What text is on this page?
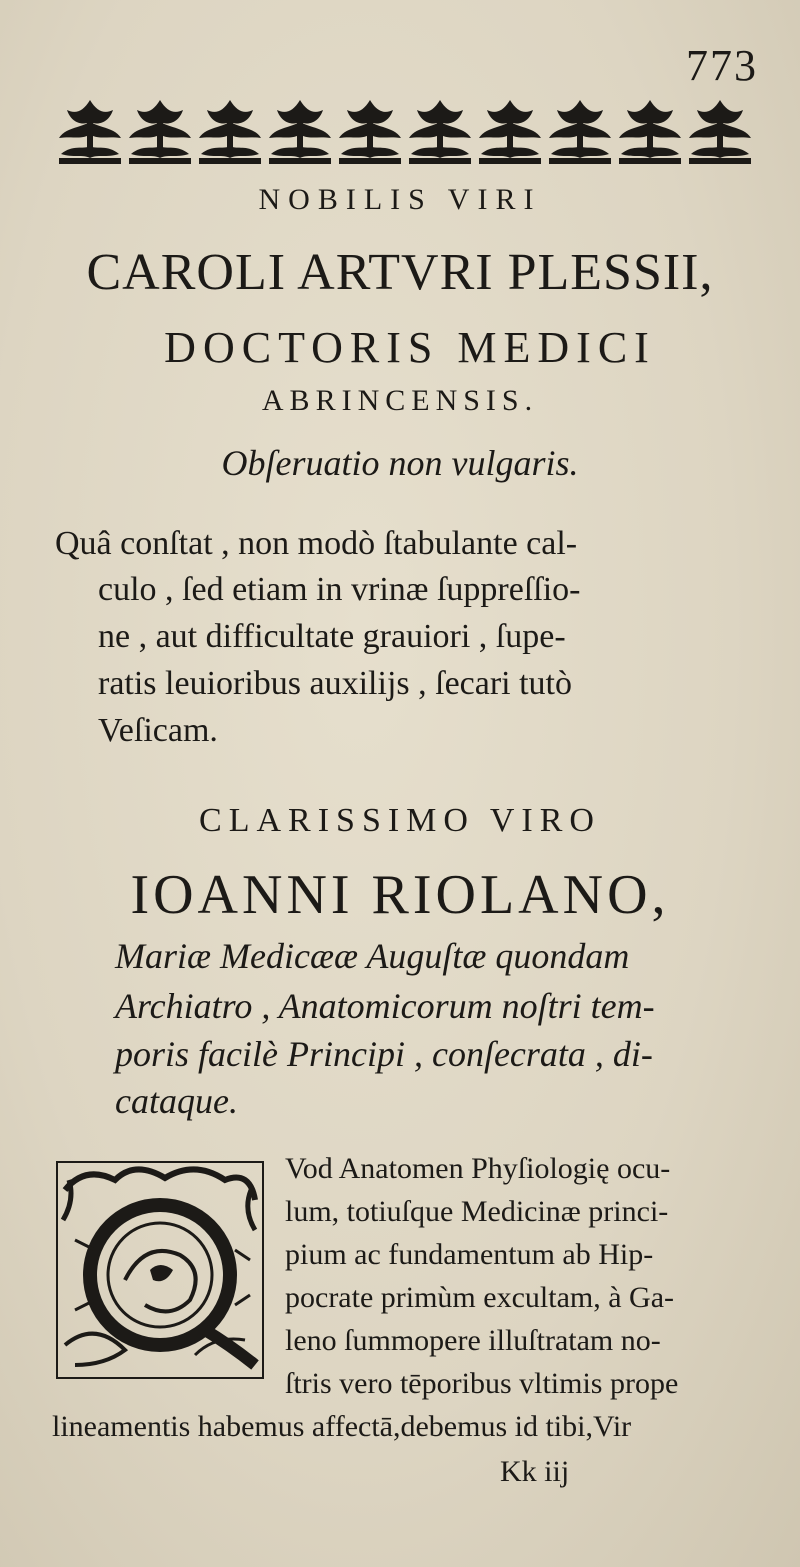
773
NOBILIS VIRI
CAROLI ARTVRI PLESSII,
DOCTORIS MEDICI
ABRINCENSIS.
Obſeruatio non vulgaris.
Quâ conſtat , non modò ſtabulante cal-
culo , ſed etiam in vrinæ ſuppreſſio-
ne , aut difficultate grauiori , ſupe-
ratis leuioribus auxilijs , ſecari tutò
Veſicam.
CLARISSIMO VIRO
IOANNI RIOLANO,
Mariæ Medicææ Auguſtæ quondam
Archiatro , Anatomicorum noſtri tem-
poris facilè Principi , conſecrata , di-
cataque.
Vod Anatomen Phyſiologię ocu-
lum, totiuſque Medicinæ princi-
pium ac fundamentum ab Hip-
pocrate primùm excultam, à Ga-
leno ſummopere illuſtratam no-
ſtris vero tēporibus vltimis prope
lineamentis habemus affectā,debemus id tibi,Vir
Kk iij
